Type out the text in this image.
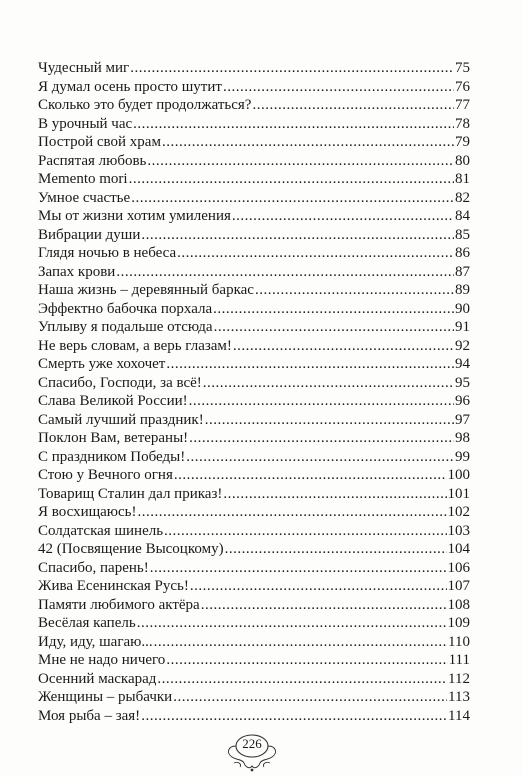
Чудесный миг .....	75
Я думал осень просто шутит .....	76
Сколько это будет продолжаться? .....	77
В урочный час .....	78
Построй свой храм .....	79
Распятая любовь .....	80
Memento mori .....	81
Умное счастье .....	82
Мы от жизни хотим умиления .....	84
Вибрации души .....	85
Глядя ночью в небеса .....	86
Запах крови .....	87
Наша жизнь – деревянный баркас .....	89
Эффектно бабочка порхала .....	90
Уплыву я подальше отсюда .....	91
Не верь словам, а верь глазам! .....	92
Смерть уже хохочет .....	94
Спасибо, Господи, за всё! .....	95
Слава Великой России! .....	96
Самый лучший праздник! .....	97
Поклон Вам, ветераны! .....	98
С праздником Победы! .....	99
Стою у Вечного огня .....	100
Товарищ Сталин дал приказ! .....	101
Я восхищаюсь! .....	102
Солдатская шинель .....	103
42 (Посвящение Высоцкому) .....	104
Спасибо, парень! .....	106
Жива Есенинская Русь! .....	107
Памяти любимого актёра .....	108
Весёлая капель .....	109
Иду, иду, шагаю... .....	110
Мне не надо ничего .....	111
Осенний маскарад .....	112
Женщины – рыбачки .....	113
Моя рыба – зая! .....	114
226
